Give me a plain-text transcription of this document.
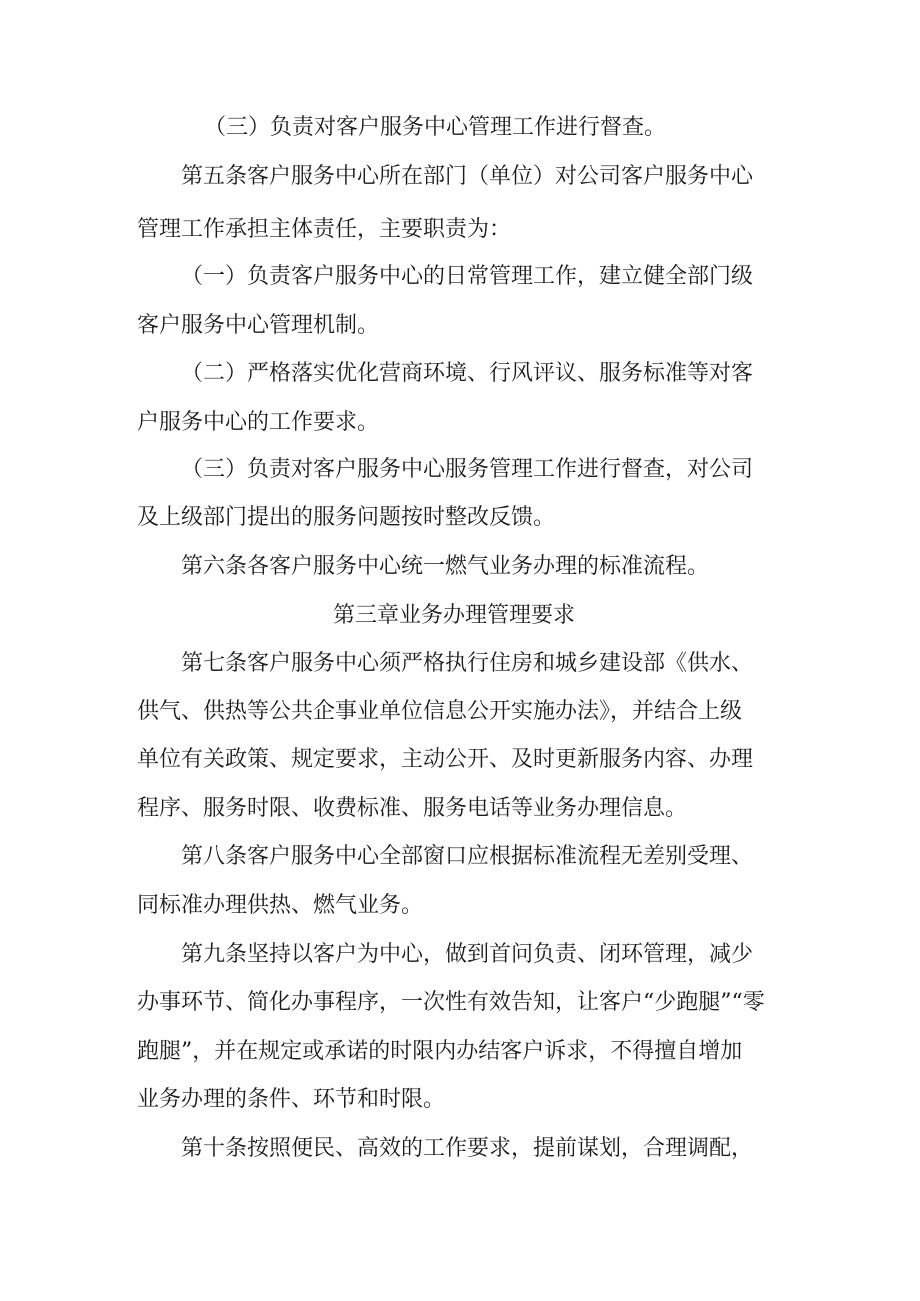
（三）负责对客户服务中心管理工作进行督查。

第五条客户服务中心所在部门（单位）对公司客户服务中心

管理工作承担主体责任，主要职责为：

（一）负责客户服务中心的日常管理工作，建立健全部门级

客户服务中心管理机制。

（二）严格落实优化营商环境、行风评议、服务标准等对客

户服务中心的工作要求。

（三）负责对客户服务中心服务管理工作进行督查，对公司

及上级部门提出的服务问题按时整改反馈。

第六条各客户服务中心统一燃气业务办理的标准流程。

第三章业务办理管理要求

第七条客户服务中心须严格执行住房和城乡建设部《供水、

供气、供热等公共企事业单位信息公开实施办法》，并结合上级

单位有关政策、规定要求，主动公开、及时更新服务内容、办理

程序、服务时限、收费标准、服务电话等业务办理信息。

第八条客户服务中心全部窗口应根据标准流程无差别受理、

同标准办理供热、燃气业务。

第九条坚持以客户为中心，做到首问负责、闭环管理，减少

办事环节、简化办事程序，一次性有效告知，让客户“少跑腿”“零

跑腿”，并在规定或承诺的时限内办结客户诉求，不得擅自增加

业务办理的条件、环节和时限。

第十条按照便民、高效的工作要求，提前谋划，合理调配，
